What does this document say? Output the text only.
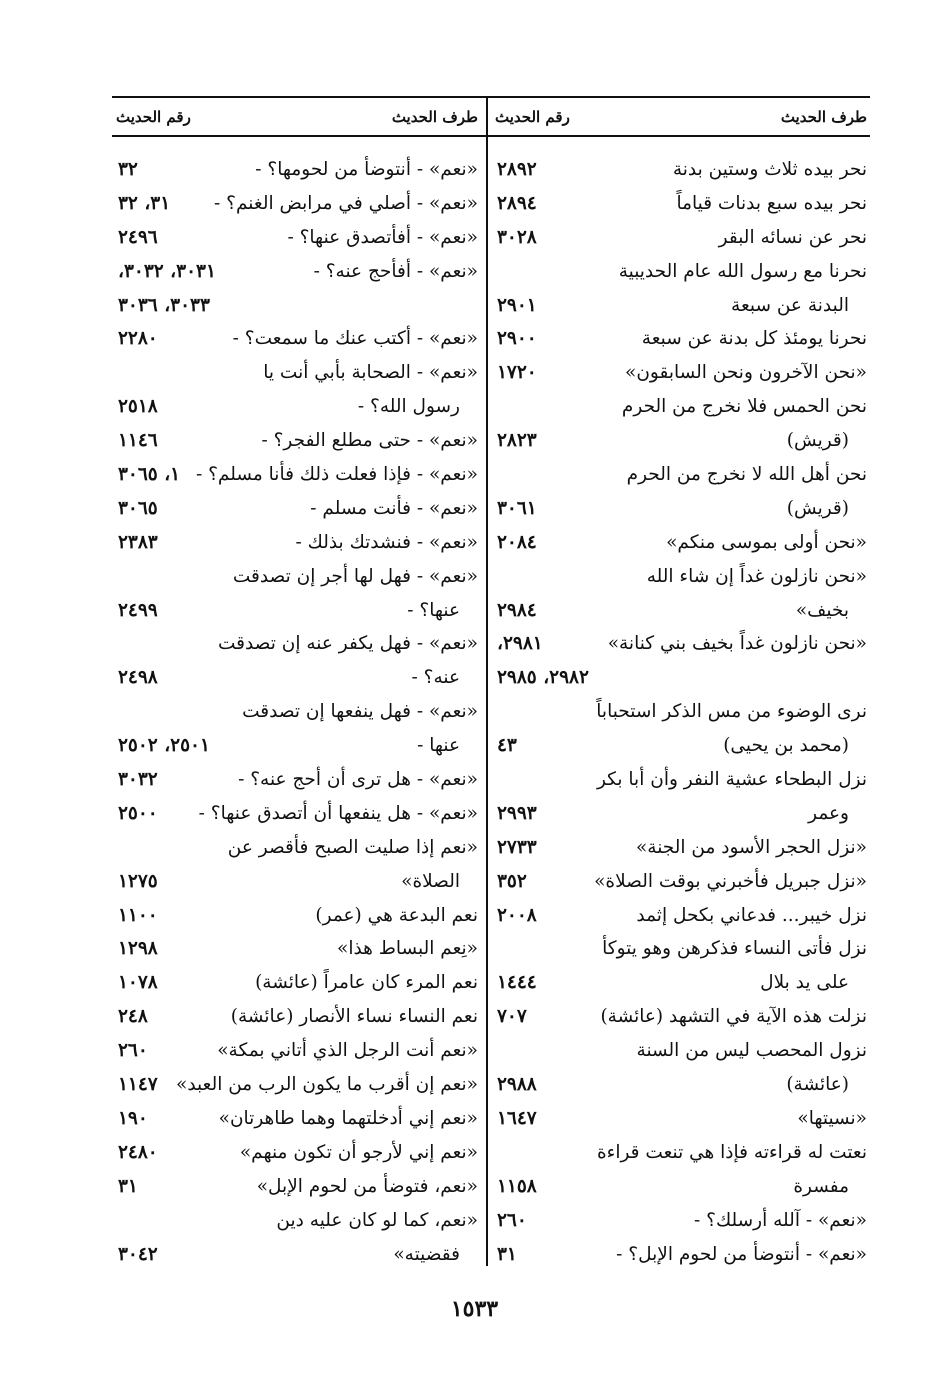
طرف الحديث
رقم الحديث
نحر بيده ثلاث وستين بدنة
٢٨٩٢
نحر بيده سبع بدنات قياماً
٢٨٩٤
نحر عن نسائه البقر
٣٠٢٨
نحرنا مع رسول الله عام الحديبية
البدنة عن سبعة
٢٩٠١
نحرنا يومئذ كل بدنة عن سبعة
٢٩٠٠
«نحن الآخرون ونحن السابقون»
١٧٢٠
نحن الحمس فلا نخرج من الحرم
(قريش)
٢٨٢٣
نحن أهل الله لا نخرج من الحرم
(قريش)
٣٠٦١
«نحن أولى بموسى منكم»
٢٠٨٤
«نحن نازلون غداً إن شاء الله
بخيف»
٢٩٨٤
«نحن نازلون غداً بخيف بني كنانة»
٢٩٨١،
٢٩٨٢، ٢٩٨٥
نرى الوضوء من مس الذكر استحباباً
(محمد بن يحيى)
٤٣
نزل البطحاء عشية النفر وأن أبا بكر
وعمر
٢٩٩٣
«نزل الحجر الأسود من الجنة»
٢٧٣٣
«نزل جبريل فأخبرني بوقت الصلاة»
٣٥٢
نزل خيبر... فدعاني بكحل إثمد
٢٠٠٨
نزل فأتى النساء فذكرهن وهو يتوكأ
على يد بلال
١٤٤٤
نزلت هذه الآية في التشهد (عائشة)
٧٠٧
نزول المحصب ليس من السنة
(عائشة)
٢٩٨٨
«نسيتها»
١٦٤٧
نعتت له قراءته فإذا هي تنعت قراءة
مفسرة
١١٥٨
«نعم» - آلله أرسلك؟ -
٢٦٠
«نعم» - أنتوضأ من لحوم الإبل؟ -
٣١
طرف الحديث
رقم الحديث
«نعم» - أنتوضأ من لحومها؟ -
٣٢
«نعم» - أصلي في مرابض الغنم؟ -
٣١، ٣٢
«نعم» - أفأتصدق عنها؟ -
٢٤٩٦
«نعم» - أفأحج عنه؟ -
٣٠٣١، ٣٠٣٢،
٣٠٣٣، ٣٠٣٦
«نعم» - أكتب عنك ما سمعت؟ -
٢٢٨٠
«نعم» - الصحابة بأبي أنت يا
رسول الله؟ -
٢٥١٨
«نعم» - حتى مطلع الفجر؟ -
١١٤٦
«نعم» - فإذا فعلت ذلك فأنا مسلم؟ -
١، ٣٠٦٥
«نعم» - فأنت مسلم -
٣٠٦٥
«نعم» - فنشدتك بذلك -
٢٣٨٣
«نعم» - فهل لها أجر إن تصدقت
عنها؟ -
٢٤٩٩
«نعم» - فهل يكفر عنه إن تصدقت
عنه؟ -
٢٤٩٨
«نعم» - فهل ينفعها إن تصدقت
عنها -
٢٥٠١، ٢٥٠٢
«نعم» - هل ترى أن أحج عنه؟ -
٣٠٣٢
«نعم» - هل ينفعها أن أتصدق عنها؟ -
٢٥٠٠
«نعم إذا صليت الصبح فأقصر عن
الصلاة»
١٢٧٥
نعم البدعة هي (عمر)
١١٠٠
«نِعم البساط هذا»
١٢٩٨
نعم المرء كان عامراً (عائشة)
١٠٧٨
نعم النساء نساء الأنصار (عائشة)
٢٤٨
«نعم أنت الرجل الذي أتاني بمكة»
٢٦٠
«نعم إن أقرب ما يكون الرب من العبد»
١١٤٧
«نعم إني أدخلتهما وهما طاهرتان»
١٩٠
«نعم إني لأرجو أن تكون منهم»
٢٤٨٠
«نعم، فتوضأ من لحوم الإبل»
٣١
«نعم، كما لو كان عليه دين
فقضيته»
٣٠٤٢
١٥٣٣
